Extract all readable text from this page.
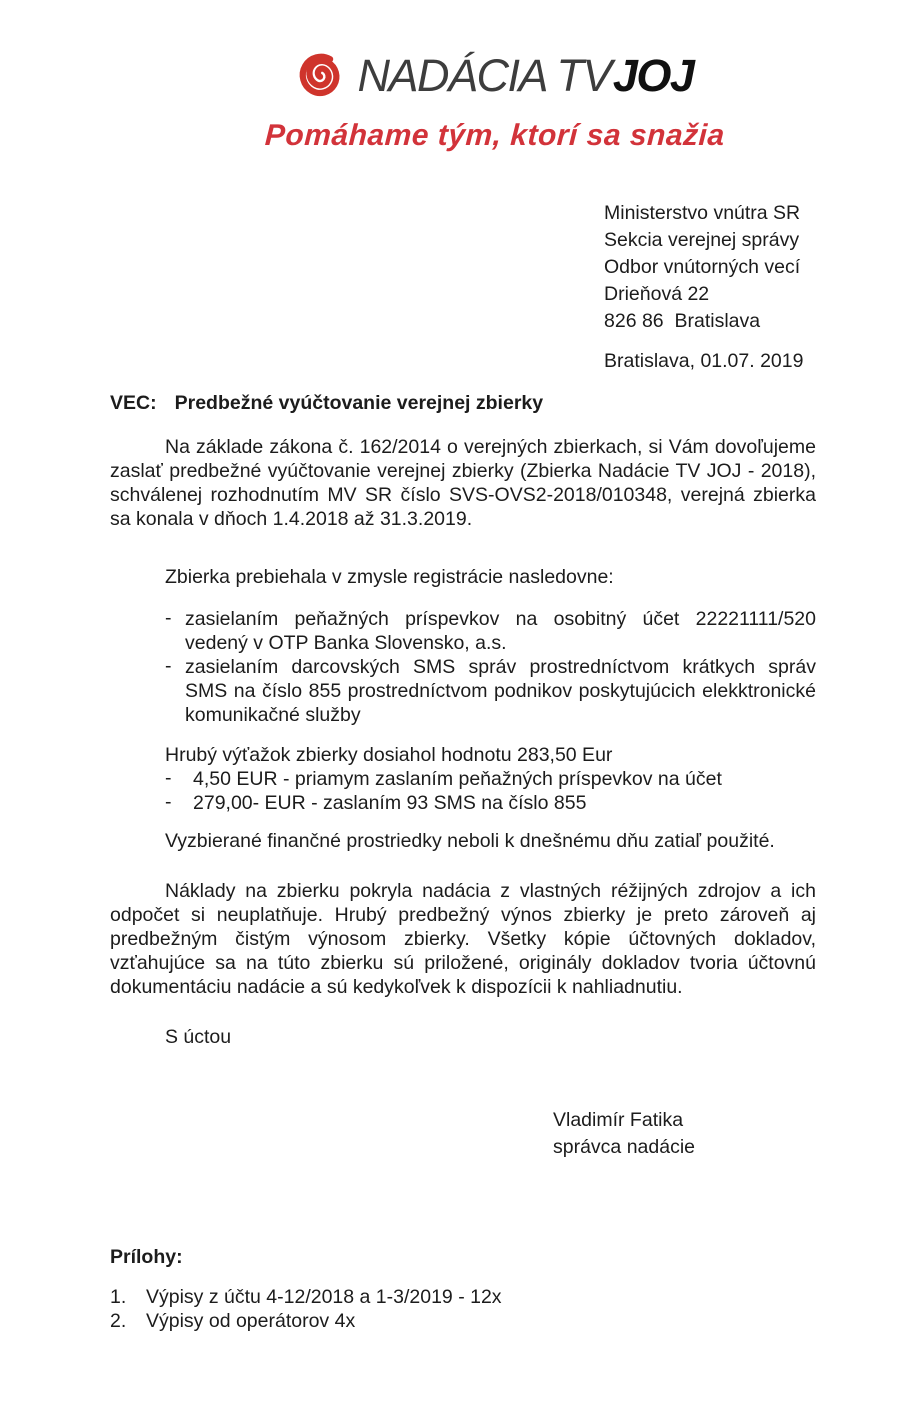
NADÁCIA TVJOJ
Pomáhame tým, ktorí sa snažia
Ministerstvo vnútra SR
Sekcia verejnej správy
Odbor vnútorných vecí
Drieňová 22
826 86  Bratislava
Bratislava, 01.07. 2019
VEC: Predbežné vyúčtovanie verejnej zbierky

Na základe zákona č. 162/2014 o verejných zbierkach, si Vám dovoľujeme zaslať predbežné vyúčtovanie verejnej zbierky (Zbierka Nadácie TV JOJ - 2018), schválenej rozhodnutím MV SR číslo SVS-OVS2-2018/010348, verejná zbierka sa konala v dňoch 1.4.2018 až 31.3.2019.

Zbierka prebiehala v zmysle registrácie nasledovne:

- zasielaním peňažných príspevkov na osobitný účet 22221111/520 vedený v OTP Banka Slovensko, a.s.
- zasielaním darcovských SMS správ prostredníctvom krátkych správ SMS na číslo 855 prostredníctvom podnikov poskytujúcich elekktronické komunikačné služby

Hrubý výťažok zbierky dosiahol hodnotu 283,50 Eur

- 4,50 EUR - priamym zaslaním peňažných príspevkov na účet
- 279,00- EUR - zaslaním 93 SMS na číslo 855

Vyzbierané finančné prostriedky neboli k dnešnému dňu zatiaľ použité.

Náklady na zbierku pokryla nadácia z vlastných réžijných zdrojov a ich odpočet si neuplatňuje. Hrubý predbežný výnos zbierky je preto zároveň aj predbežným čistým výnosom zbierky. Všetky kópie účtovných dokladov, vzťahujúce sa na túto zbierku sú priložené, originály dokladov tvoria účtovnú dokumentáciu nadácie a sú kedykoľvek k dispozícii k nahliadnutiu.

S úctou

Vladimír Fatika
správca nadácie
Prílohy:
1.	Výpisy z účtu 4-12/2018 a 1-3/2019 - 12x
2.	Výpisy od operátorov 4x
